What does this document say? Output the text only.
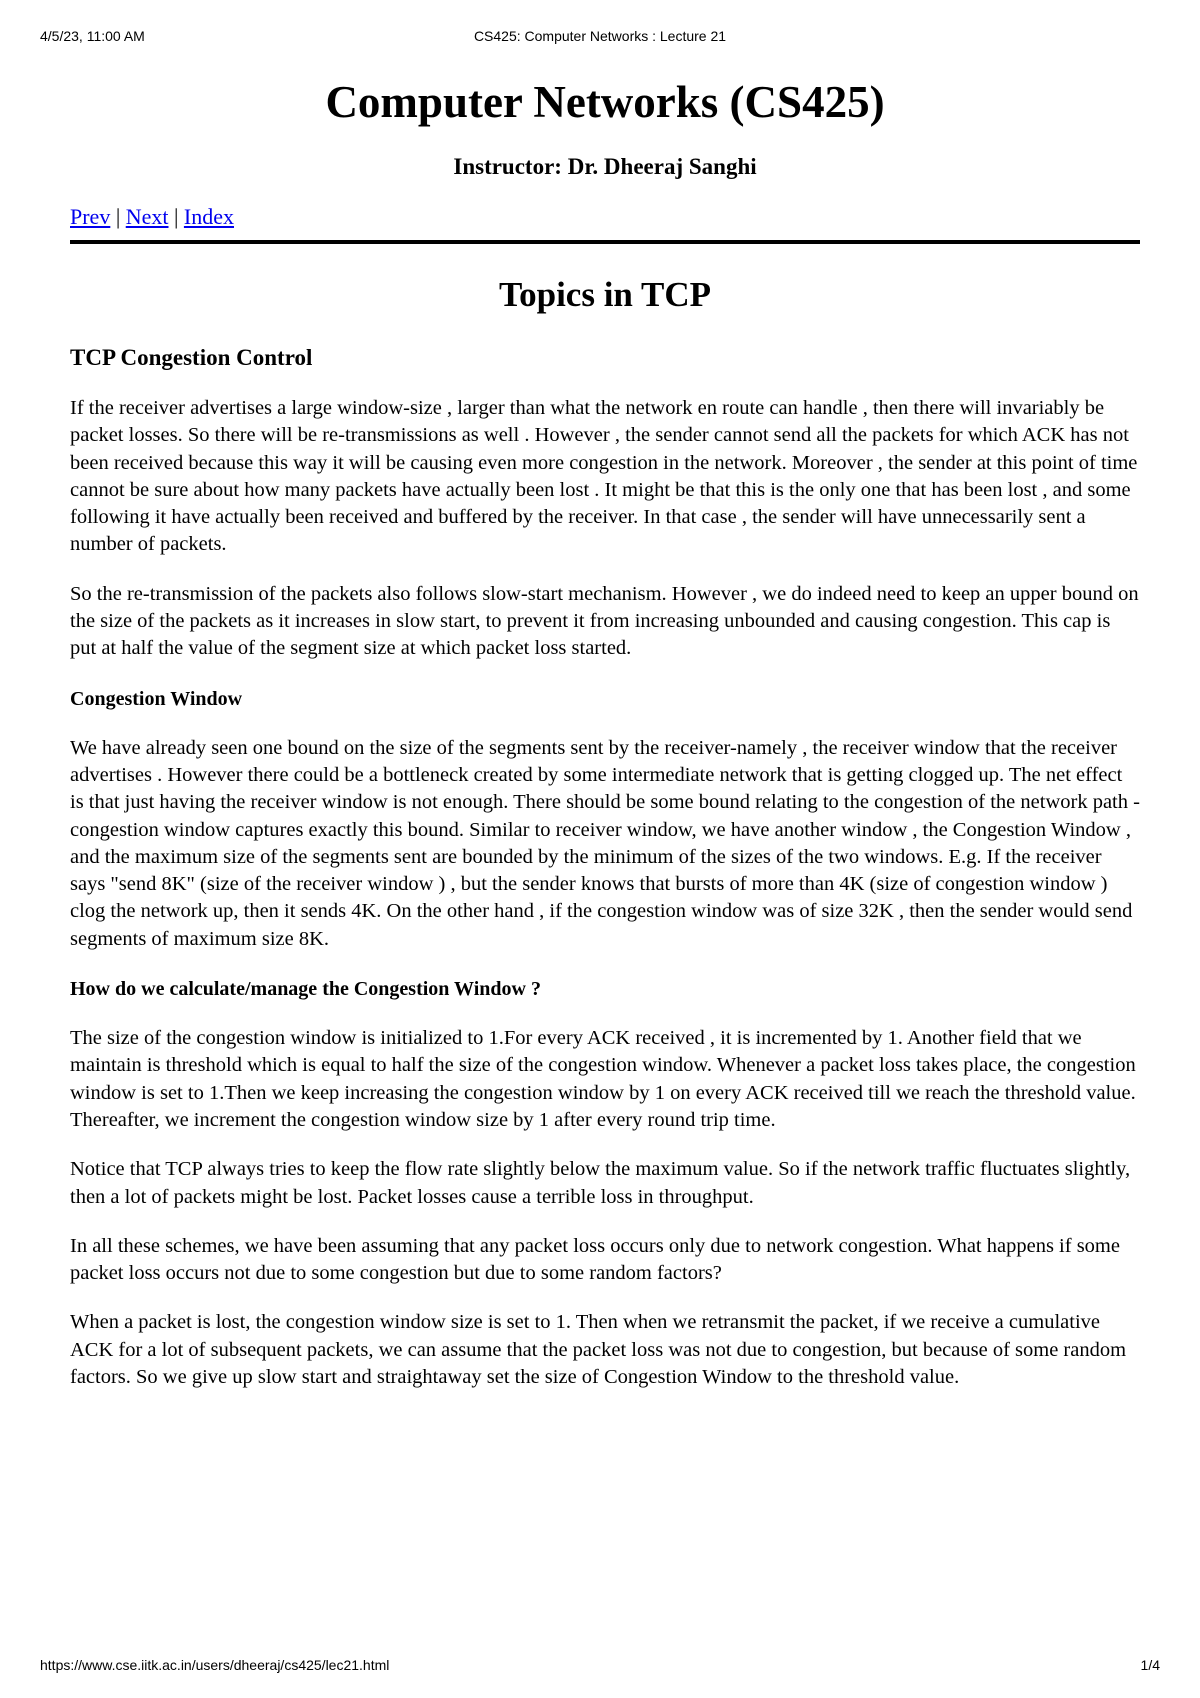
4/5/23, 11:00 AM	CS425: Computer Networks : Lecture 21
Computer Networks (CS425)
Instructor: Dr. Dheeraj Sanghi
Prev | Next | Index
Topics in TCP
TCP Congestion Control

If the receiver advertises a large window-size , larger than what the network en route can handle , then there will invariably be packet losses. So there will be re-transmissions as well . However , the sender cannot send all the packets for which ACK has not been received because this way it will be causing even more congestion in the network. Moreover , the sender at this point of time cannot be sure about how many packets have actually been lost . It might be that this is the only one that has been lost , and some following it have actually been received and buffered by the receiver. In that case , the sender will have unnecessarily sent a number of packets.

So the re-transmission of the packets also follows slow-start mechanism. However , we do indeed need to keep an upper bound on the size of the packets as it increases in slow start, to prevent it from increasing unbounded and causing congestion. This cap is put at half the value of the segment size at which packet loss started.

Congestion Window

We have already seen one bound on the size of the segments sent by the receiver-namely , the receiver window that the receiver advertises . However there could be a bottleneck created by some intermediate network that is getting clogged up. The net effect is that just having the receiver window is not enough. There should be some bound relating to the congestion of the network path - congestion window captures exactly this bound. Similar to receiver window, we have another window , the Congestion Window , and the maximum size of the segments sent are bounded by the minimum of the sizes of the two windows. E.g. If the receiver says "send 8K" (size of the receiver window ) , but the sender knows that bursts of more than 4K (size of congestion window ) clog the network up, then it sends 4K. On the other hand , if the congestion window was of size 32K , then the sender would send segments of maximum size 8K.

How do we calculate/manage the Congestion Window ?

The size of the congestion window is initialized to 1.For every ACK received , it is incremented by 1. Another field that we maintain is threshold which is equal to half the size of the congestion window. Whenever a packet loss takes place, the congestion window is set to 1.Then we keep increasing the congestion window by 1 on every ACK received till we reach the threshold value. Thereafter, we increment the congestion window size by 1 after every round trip time.

Notice that TCP always tries to keep the flow rate slightly below the maximum value. So if the network traffic fluctuates slightly, then a lot of packets might be lost. Packet losses cause a terrible loss in throughput.

In all these schemes, we have been assuming that any packet loss occurs only due to network congestion. What happens if some packet loss occurs not due to some congestion but due to some random factors?

When a packet is lost, the congestion window size is set to 1. Then when we retransmit the packet, if we receive a cumulative ACK for a lot of subsequent packets, we can assume that the packet loss was not due to congestion, but because of some random factors. So we give up slow start and straightaway set the size of Congestion Window to the threshold value.

https://www.cse.iitk.ac.in/users/dheeraj/cs425/lec21.html	1/4
